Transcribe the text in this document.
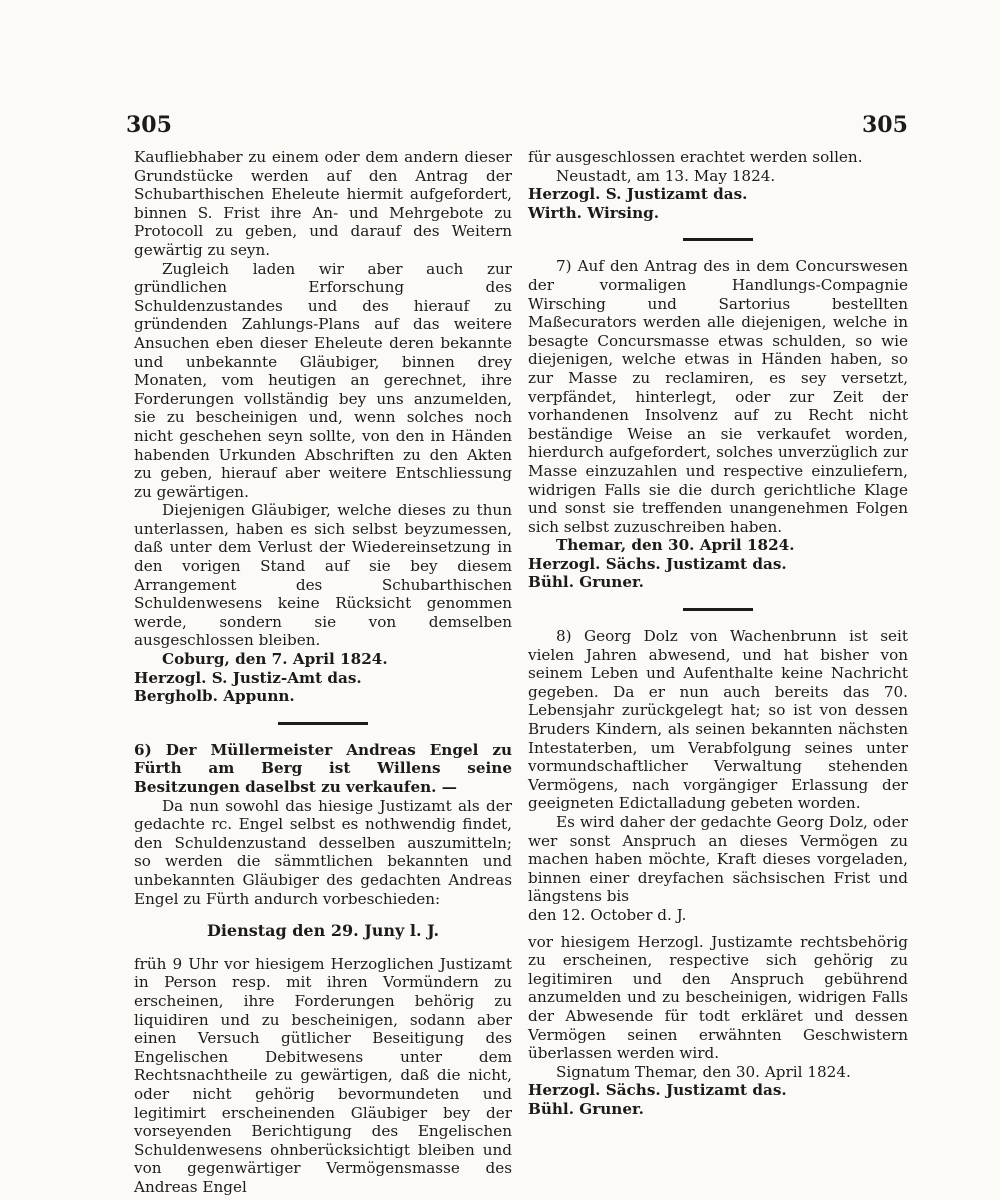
305	305

Kaufliebhaber zu einem oder dem andern dieser Grundstücke werden auf den Antrag der Schubarthischen Eheleute hiermit aufgefordert, binnen S. Frist ihre An- und Mehrgebote zu Protocoll zu geben, und darauf des Weitern gewärtig zu seyn.

Zugleich laden wir aber auch zur gründlichen Erforschung des Schuldenzustandes und des hierauf zu gründenden Zahlungs-Plans auf das weitere Ansuchen eben dieser Eheleute deren bekannte und unbekannte Gläubiger, binnen drey Monaten, vom heutigen an gerechnet, ihre Forderungen vollständig bey uns anzumelden, sie zu bescheinigen und, wenn solches noch nicht geschehen seyn sollte, von den in Händen habenden Urkunden Abschriften zu den Akten zu geben, hierauf aber weitere Entschliessung zu gewärtigen.

Diejenigen Gläubiger, welche dieses zu thun unterlassen, haben es sich selbst beyzumessen, daß unter dem Verlust der Wiedereinsetzung in den vorigen Stand auf sie bey diesem Arrangement des Schubarthischen Schuldenwesens keine Rücksicht genommen werde, sondern sie von demselben ausgeschlossen bleiben.

Coburg, den 7. April 1824.

Herzogl. S. Justiz-Amt das.

Bergholb. Appunn.

6) Der Müllermeister Andreas Engel zu Fürth am Berg ist Willens seine Besitzungen daselbst zu verkaufen. —

Da nun sowohl das hiesige Justizamt als der gedachte rc. Engel selbst es nothwendig findet, den Schuldenzustand desselben auszumitteln; so werden die sämmtlichen bekannten und unbekannten Gläubiger des gedachten Andreas Engel zu Fürth andurch vorbeschieden:

Dienstag den 29. Juny l. J.

früh 9 Uhr vor hiesigem Herzoglichen Justizamt in Person resp. mit ihren Vormündern zu erscheinen, ihre Forderungen behörig zu liquidiren und zu bescheinigen, sodann aber einen Versuch gütlicher Beseitigung des Engelischen Debitwesens unter dem Rechtsnachtheile zu gewärtigen, daß die nicht, oder nicht gehörig bevormundeten und legitimirt erscheinenden Gläubiger bey der vorseyenden Berichtigung des Engelischen Schuldenwesens ohnberücksichtigt bleiben und von gegenwärtiger Vermögensmasse des Andreas Engel

für ausgeschlossen erachtet werden sollen.

Neustadt, am 13. May 1824.

Herzogl. S. Justizamt das.

Wirth. Wirsing.

7) Auf den Antrag des in dem Concurswesen der vormaligen Handlungs-Compagnie Wirsching und Sartorius bestellten Maßecurators werden alle diejenigen, welche in besagte Concursmasse etwas schulden, so wie diejenigen, welche etwas in Händen haben, so zur Masse zu reclamiren, es sey versetzt, verpfändet, hinterlegt, oder zur Zeit der vorhandenen Insolvenz auf zu Recht nicht beständige Weise an sie verkaufet worden, hierdurch aufgefordert, solches unverzüglich zur Masse einzuzahlen und respective einzuliefern, widrigen Falls sie die durch gerichtliche Klage und sonst sie treffenden unangenehmen Folgen sich selbst zuzuschreiben haben.

Themar, den 30. April 1824.

Herzogl. Sächs. Justizamt das.

Bühl. Gruner.

8) Georg Dolz von Wachenbrunn ist seit vielen Jahren abwesend, und hat bisher von seinem Leben und Aufenthalte keine Nachricht gegeben. Da er nun auch bereits das 70. Lebensjahr zurückgelegt hat; so ist von dessen Bruders Kindern, als seinen bekannten nächsten Intestaterben, um Verabfolgung seines unter vormundschaftlicher Verwaltung stehenden Vermögens, nach vorgängiger Erlassung der geeigneten Edictalladung gebeten worden.

Es wird daher der gedachte Georg Dolz, oder wer sonst Anspruch an dieses Vermögen zu machen haben möchte, Kraft dieses vorgeladen, binnen einer dreyfachen sächsischen Frist und längstens bis

den 12. October d. J.

vor hiesigem Herzogl. Justizamte rechtsbehörig zu erscheinen, respective sich gehörig zu legitimiren und den Anspruch gebührend anzumelden und zu bescheinigen, widrigen Falls der Abwesende für todt erkläret und dessen Vermögen seinen erwähnten Geschwistern überlassen werden wird.

Signatum Themar, den 30. April 1824.

Herzogl. Sächs. Justizamt das.

Bühl. Gruner.
